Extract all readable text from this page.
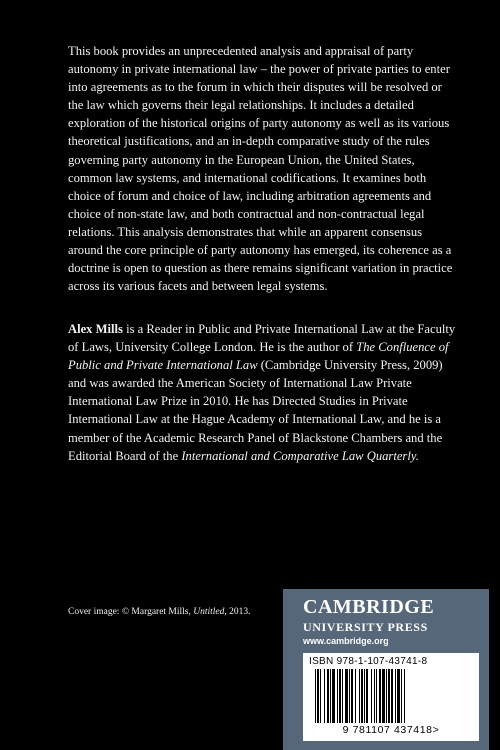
This book provides an unprecedented analysis and appraisal of party autonomy in private international law – the power of private parties to enter into agreements as to the forum in which their disputes will be resolved or the law which governs their legal relationships. It includes a detailed exploration of the historical origins of party autonomy as well as its various theoretical justifications, and an in-depth comparative study of the rules governing party autonomy in the European Union, the United States, common law systems, and international codifications. It examines both choice of forum and choice of law, including arbitration agreements and choice of non-state law, and both contractual and non-contractual legal relations. This analysis demonstrates that while an apparent consensus around the core principle of party autonomy has emerged, its coherence as a doctrine is open to question as there remains significant variation in practice across its various facets and between legal systems.

Alex Mills is a Reader in Public and Private International Law at the Faculty of Laws, University College London. He is the author of The Confluence of Public and Private International Law (Cambridge University Press, 2009) and was awarded the American Society of International Law Private International Law Prize in 2010. He has Directed Studies in Private International Law at the Hague Academy of International Law, and he is a member of the Academic Research Panel of Blackstone Chambers and the Editorial Board of the International and Comparative Law Quarterly.

Cover image: © Margaret Mills, Untitled, 2013.	CAMBRIDGE
UNIVERSITY PRESS
www.cambridge.org
ISBN 978-1-107-43741-8
9 781107 437418>
